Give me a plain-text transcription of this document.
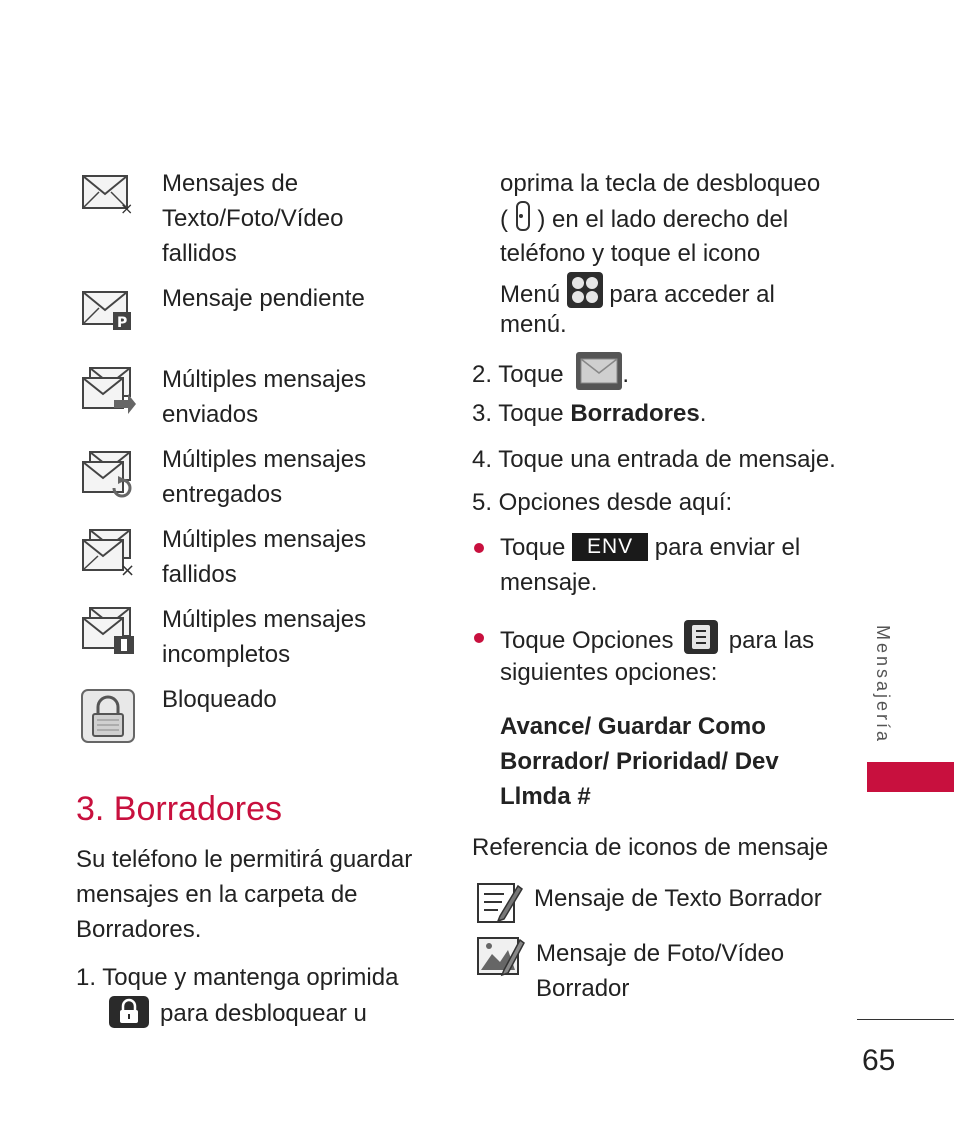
×
Mensajes de
Texto/Foto/Vídeo
fallidos
P
Mensaje pendiente
Múltiples mensajes
enviados
Múltiples mensajes
entregados
×
Múltiples mensajes
fallidos
Múltiples mensajes
incompletos
Bloqueado
3. Borradores
Su teléfono le permitirá guardar
mensajes en la carpeta de
Borradores.
1. Toque y mantenga oprimida
para desbloquear u
oprima la tecla de desbloqueo
( ) en el lado derecho del
teléfono y toque el icono
Menú para acceder al
menú.
2. Toque .
3. Toque Borradores.
4. Toque una entrada de mensaje.
5. Opciones desde aquí:
Toque ENV para enviar el
mensaje.
Toque Opciones para las
siguientes opciones:
Avance/ Guardar Como
Borrador/ Prioridad/ Dev
Llmda #
Referencia de iconos de mensaje
Mensaje de Texto Borrador
Mensaje de Foto/Vídeo
Borrador
Mensajería
65
